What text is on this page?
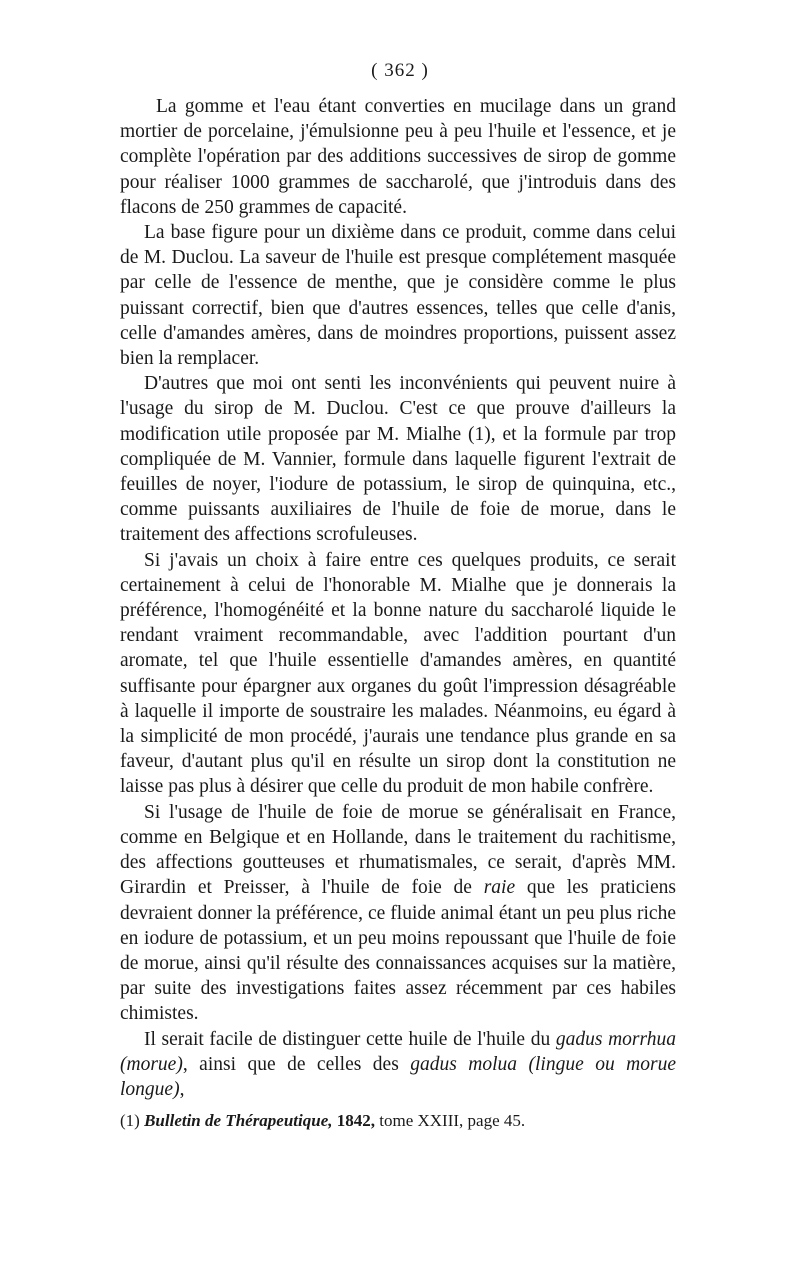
( 362 )

La gomme et l'eau étant converties en mucilage dans un grand mortier de porcelaine, j'émulsionne peu à peu l'huile et l'essence, et je complète l'opération par des additions successives de sirop de gomme pour réaliser 1000 grammes de saccharolé, que j'introduis dans des flacons de 250 grammes de capacité.

La base figure pour un dixième dans ce produit, comme dans celui de M. Duclou. La saveur de l'huile est presque complétement masquée par celle de l'essence de menthe, que je considère comme le plus puissant correctif, bien que d'autres essences, telles que celle d'anis, celle d'amandes amères, dans de moindres proportions, puissent assez bien la remplacer.

D'autres que moi ont senti les inconvénients qui peuvent nuire à l'usage du sirop de M. Duclou. C'est ce que prouve d'ailleurs la modification utile proposée par M. Mialhe (1), et la formule par trop compliquée de M. Vannier, formule dans laquelle figurent l'extrait de feuilles de noyer, l'iodure de potassium, le sirop de quinquina, etc., comme puissants auxiliaires de l'huile de foie de morue, dans le traitement des affections scrofuleuses.

Si j'avais un choix à faire entre ces quelques produits, ce serait certainement à celui de l'honorable M. Mialhe que je donnerais la préférence, l'homogénéité et la bonne nature du saccharolé liquide le rendant vraiment recommandable, avec l'addition pourtant d'un aromate, tel que l'huile essentielle d'amandes amères, en quantité suffisante pour épargner aux organes du goût l'impression désagréable à laquelle il importe de soustraire les malades. Néanmoins, eu égard à la simplicité de mon procédé, j'aurais une tendance plus grande en sa faveur, d'autant plus qu'il en résulte un sirop dont la constitution ne laisse pas plus à désirer que celle du produit de mon habile confrère.

Si l'usage de l'huile de foie de morue se généralisait en France, comme en Belgique et en Hollande, dans le traitement du rachitisme, des affections goutteuses et rhumatismales, ce serait, d'après MM. Girardin et Preisser, à l'huile de foie de raie que les praticiens devraient donner la préférence, ce fluide animal étant un peu plus riche en iodure de potassium, et un peu moins repoussant que l'huile de foie de morue, ainsi qu'il résulte des connaissances acquises sur la matière, par suite des investigations faites assez récemment par ces habiles chimistes.

Il serait facile de distinguer cette huile de l'huile du gadus morrhua (morue), ainsi que de celles des gadus molua (lingue ou morue longue),

(1) Bulletin de Thérapeutique, 1842, tome XXIII, page 45.
